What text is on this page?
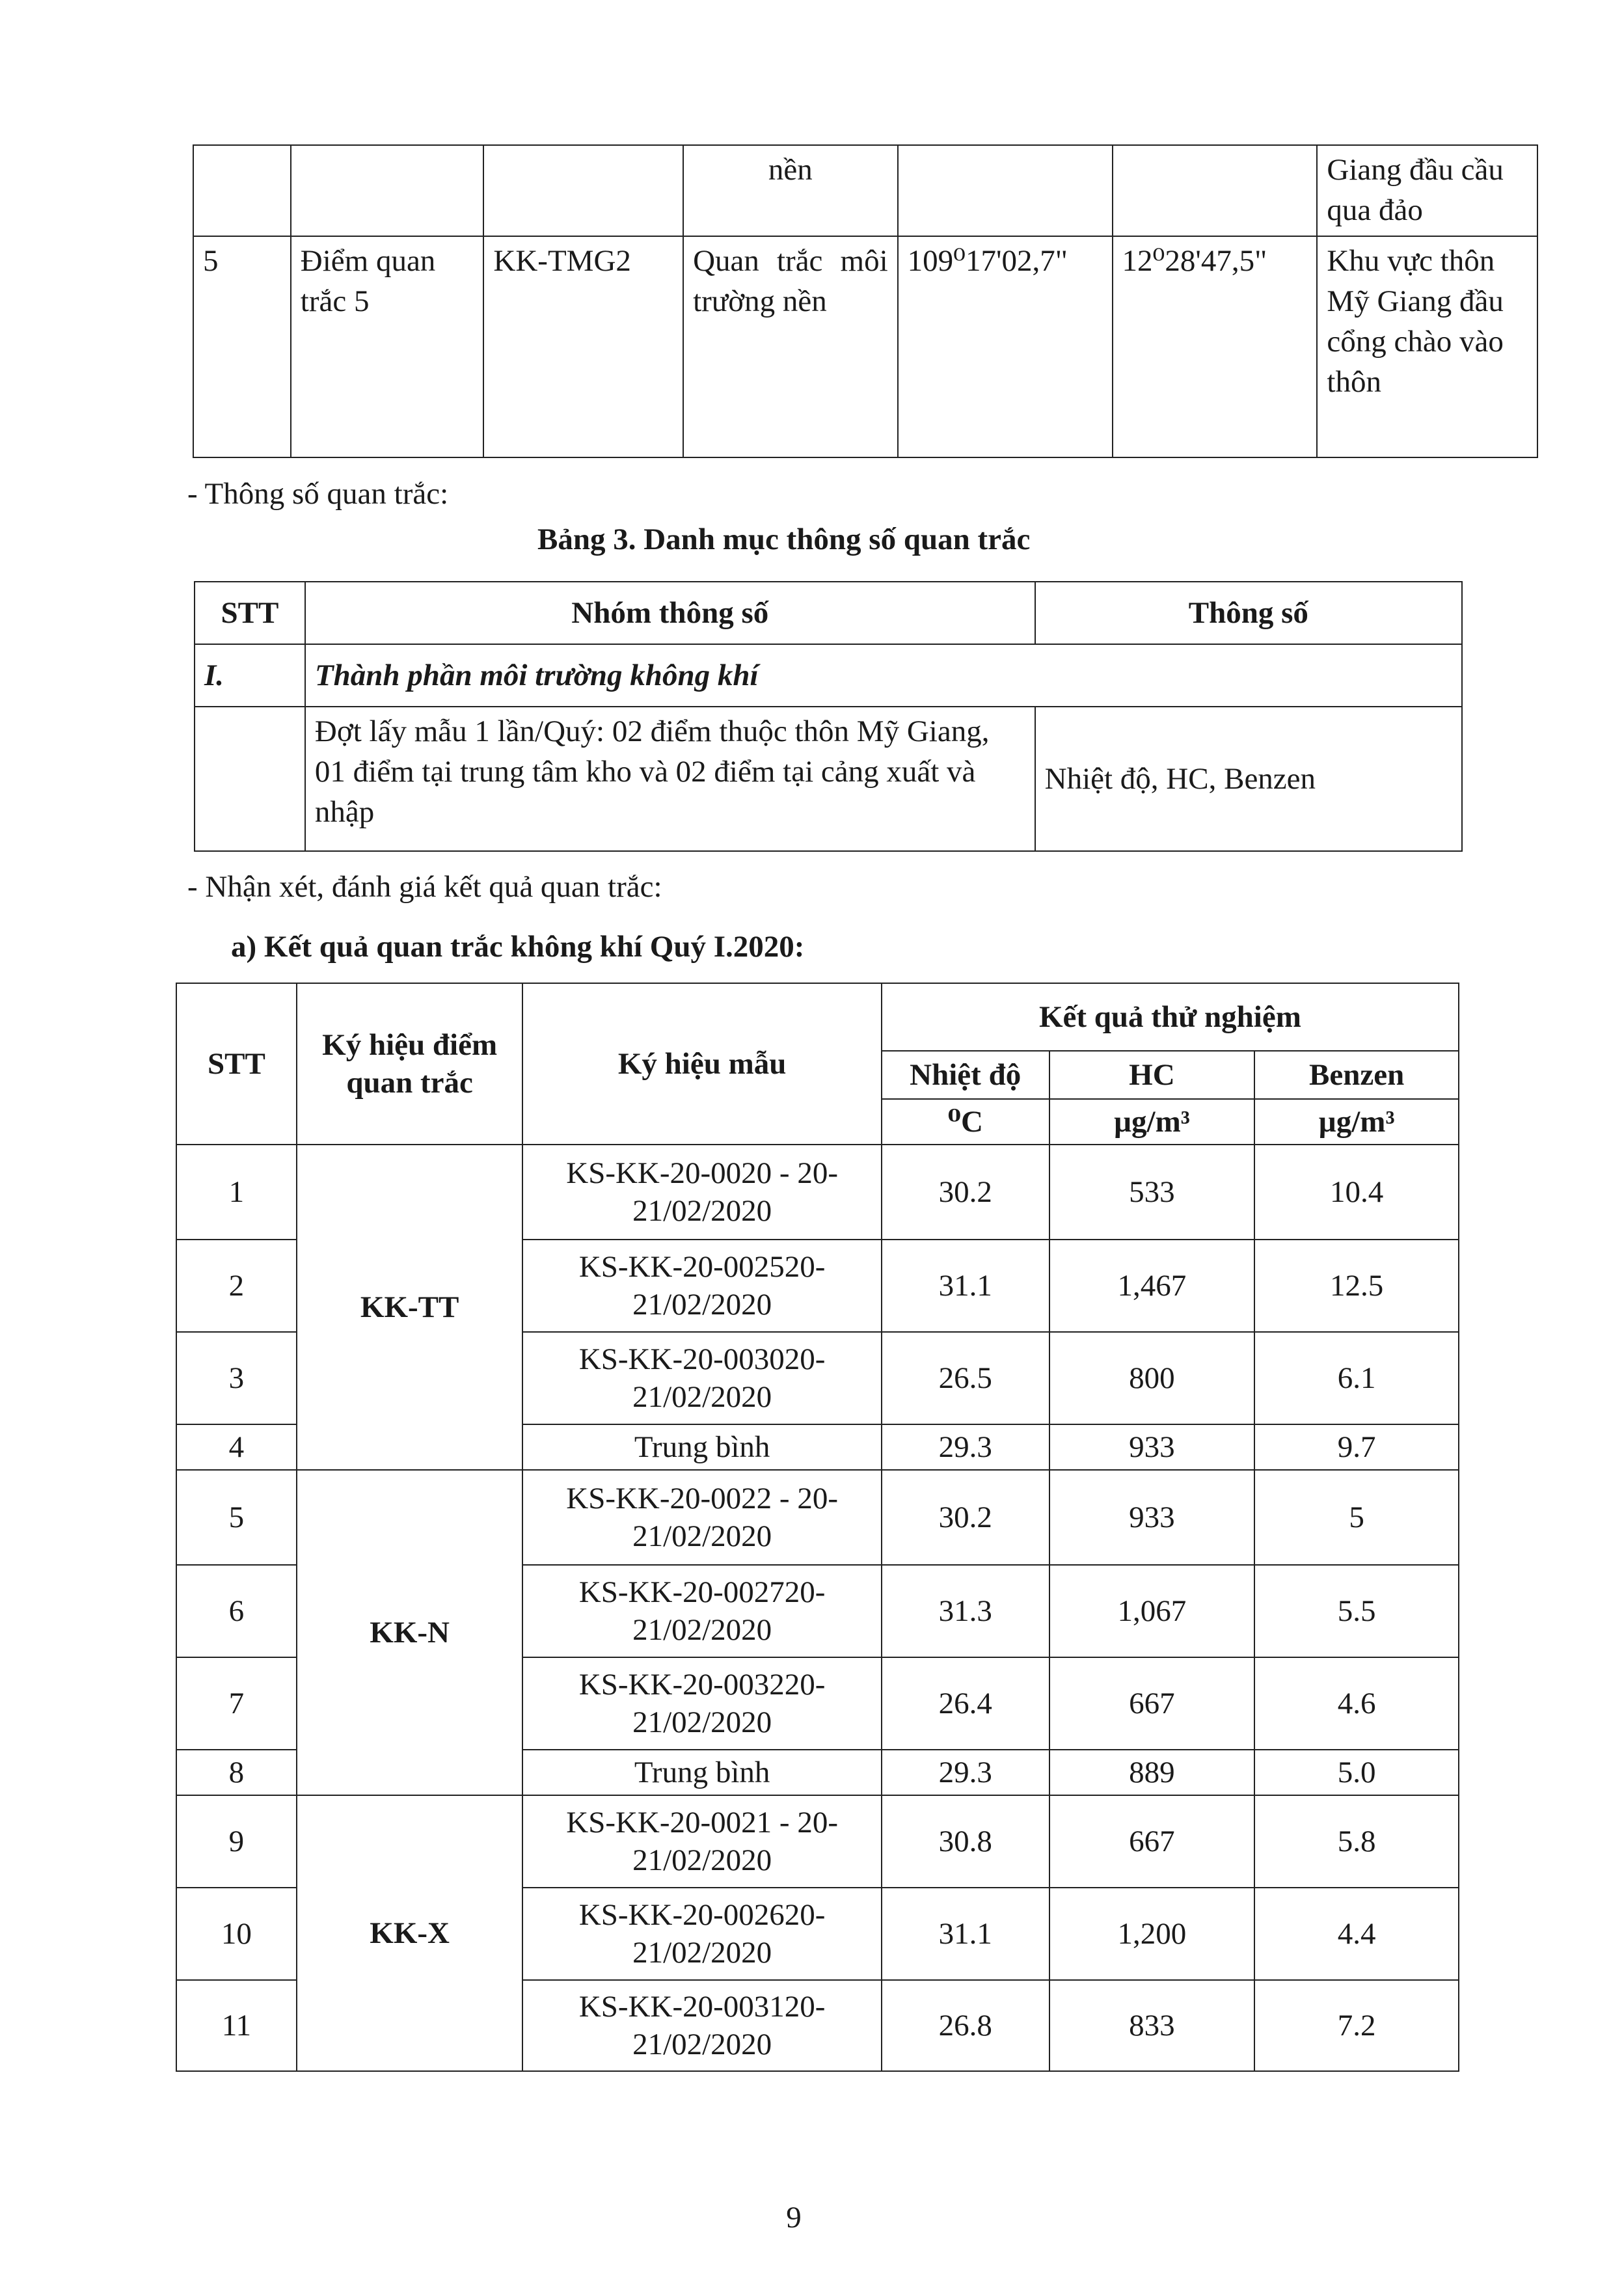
			nền			Giang đầu cầu qua đảo
5	Điểm quan trắc 5	KK-TMG2	Quan trắc môi trường nền	109⁰17'02,7"	12⁰28'47,5"	Khu vực thôn Mỹ Giang đầu cổng chào vào thôn
- Thông số quan trắc:
Bảng 3. Danh mục thông số quan trắc
STT	Nhóm thông số	Thông số
I.	Thành phần môi trường không khí	
	Đợt lấy mẫu 1 lần/Quý: 02 điểm thuộc thôn Mỹ Giang, 01 điểm tại trung tâm kho và 02 điểm tại cảng xuất và nhập	Nhiệt độ, HC, Benzen
- Nhận xét, đánh giá kết quả quan trắc:
a) Kết quả quan trắc không khí Quý I.2020:
STT	Ký hiệu điểm quan trắc	Ký hiệu mẫu	Kết quả thử nghiệm		
			Nhiệt độ	HC	Benzen
			⁰C	µg/m³	µg/m³
1	KK-TT	KS-KK-20-0020 - 20-21/02/2020	30.2	533	10.4
2		KS-KK-20-002520-21/02/2020	31.1	1,467	12.5
3		KS-KK-20-003020-21/02/2020	26.5	800	6.1
4		Trung bình	29.3	933	9.7
5	KK-N	KS-KK-20-0022 - 20-21/02/2020	30.2	933	5
6		KS-KK-20-002720-21/02/2020	31.3	1,067	5.5
7		KS-KK-20-003220-21/02/2020	26.4	667	4.6
8		Trung bình	29.3	889	5.0
9	KK-X	KS-KK-20-0021 - 20-21/02/2020	30.8	667	5.8
10		KS-KK-20-002620-21/02/2020	31.1	1,200	4.4
11		KS-KK-20-003120-21/02/2020	26.8	833	7.2
9
